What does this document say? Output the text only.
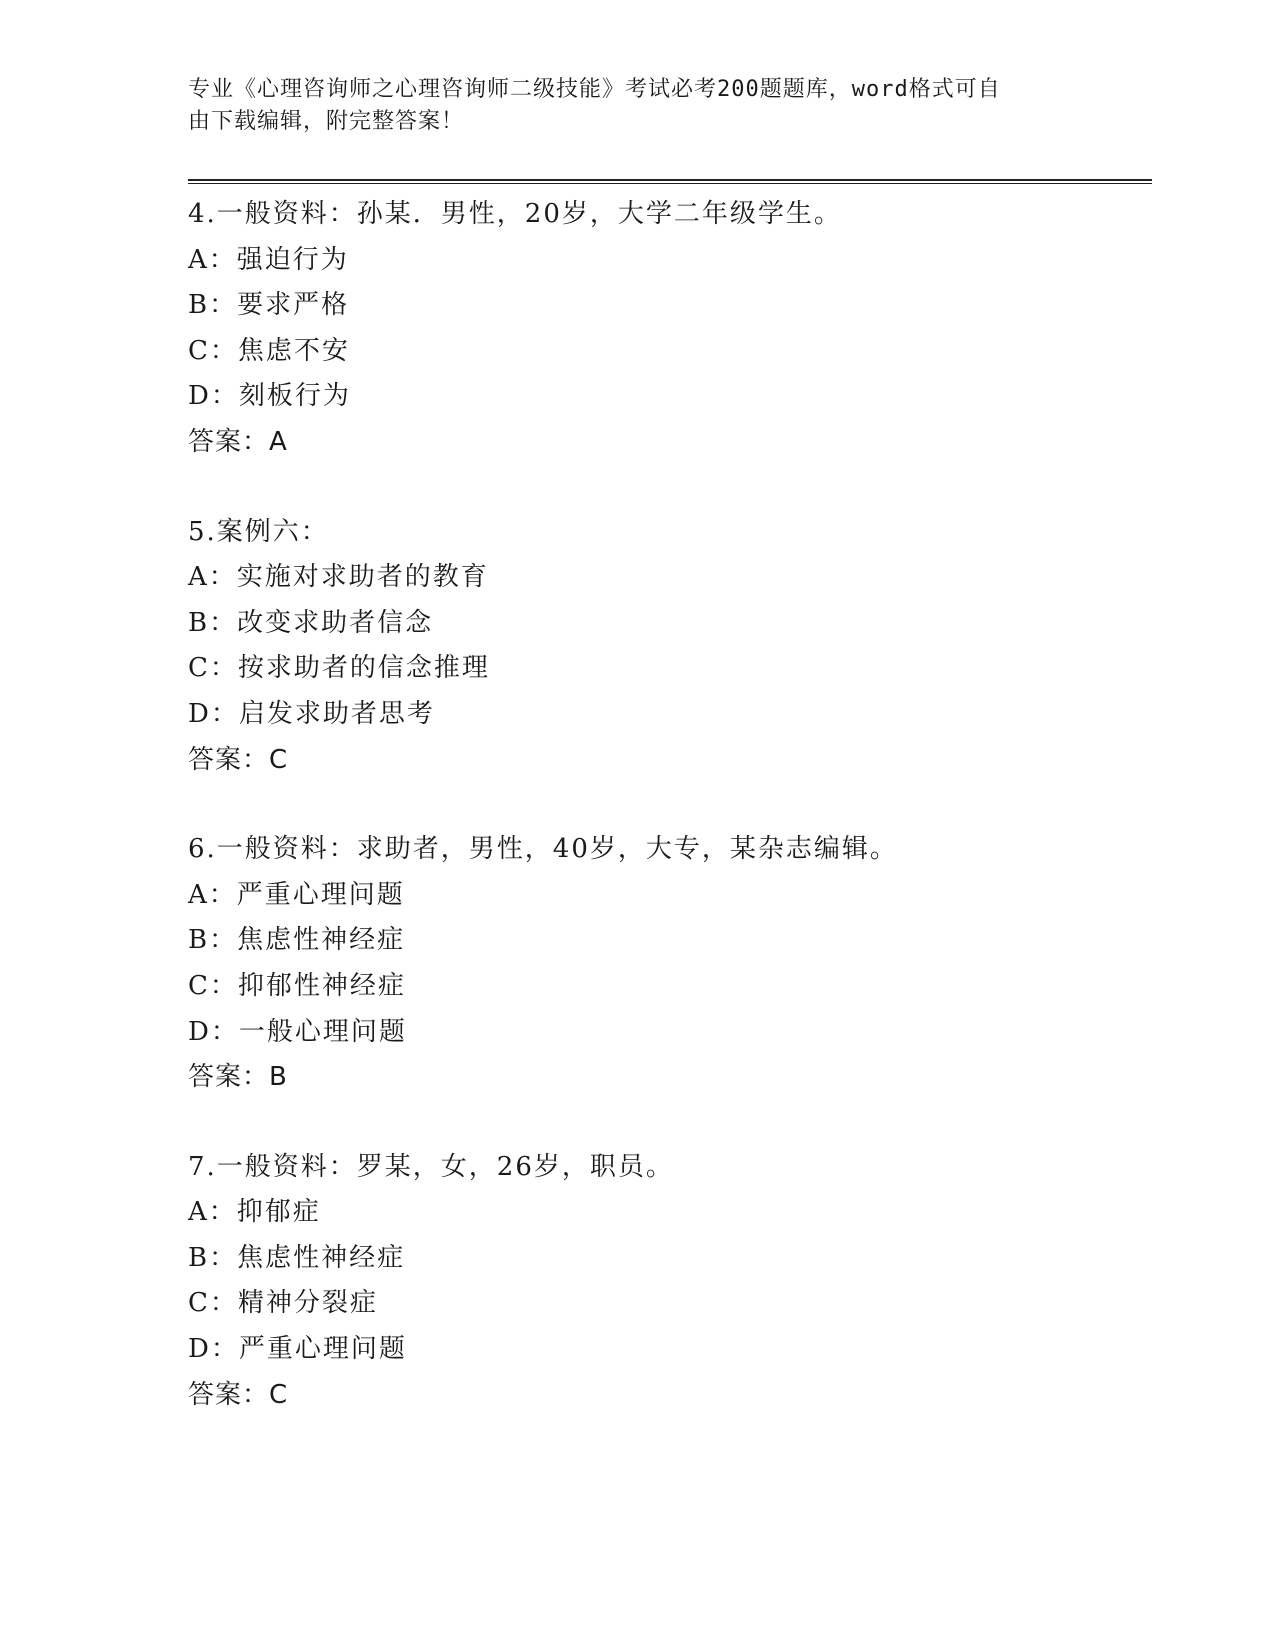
专业《心理咨询师之心理咨询师二级技能》考试必考200题题库，word格式可自
由下载编辑，附完整答案！
4.一般资料：孙某．男性，20岁，大学二年级学生。
A：强迫行为
B：要求严格
C：焦虑不安
D：刻板行为
答案：A
5.案例六：
A：实施对求助者的教育
B：改变求助者信念
C：按求助者的信念推理
D：启发求助者思考
答案：C
6.一般资料：求助者，男性，40岁，大专，某杂志编辑。
A：严重心理问题
B：焦虑性神经症
C：抑郁性神经症
D：一般心理问题
答案：B
7.一般资料：罗某，女，26岁，职员。
A：抑郁症
B：焦虑性神经症
C：精神分裂症
D：严重心理问题
答案：C
